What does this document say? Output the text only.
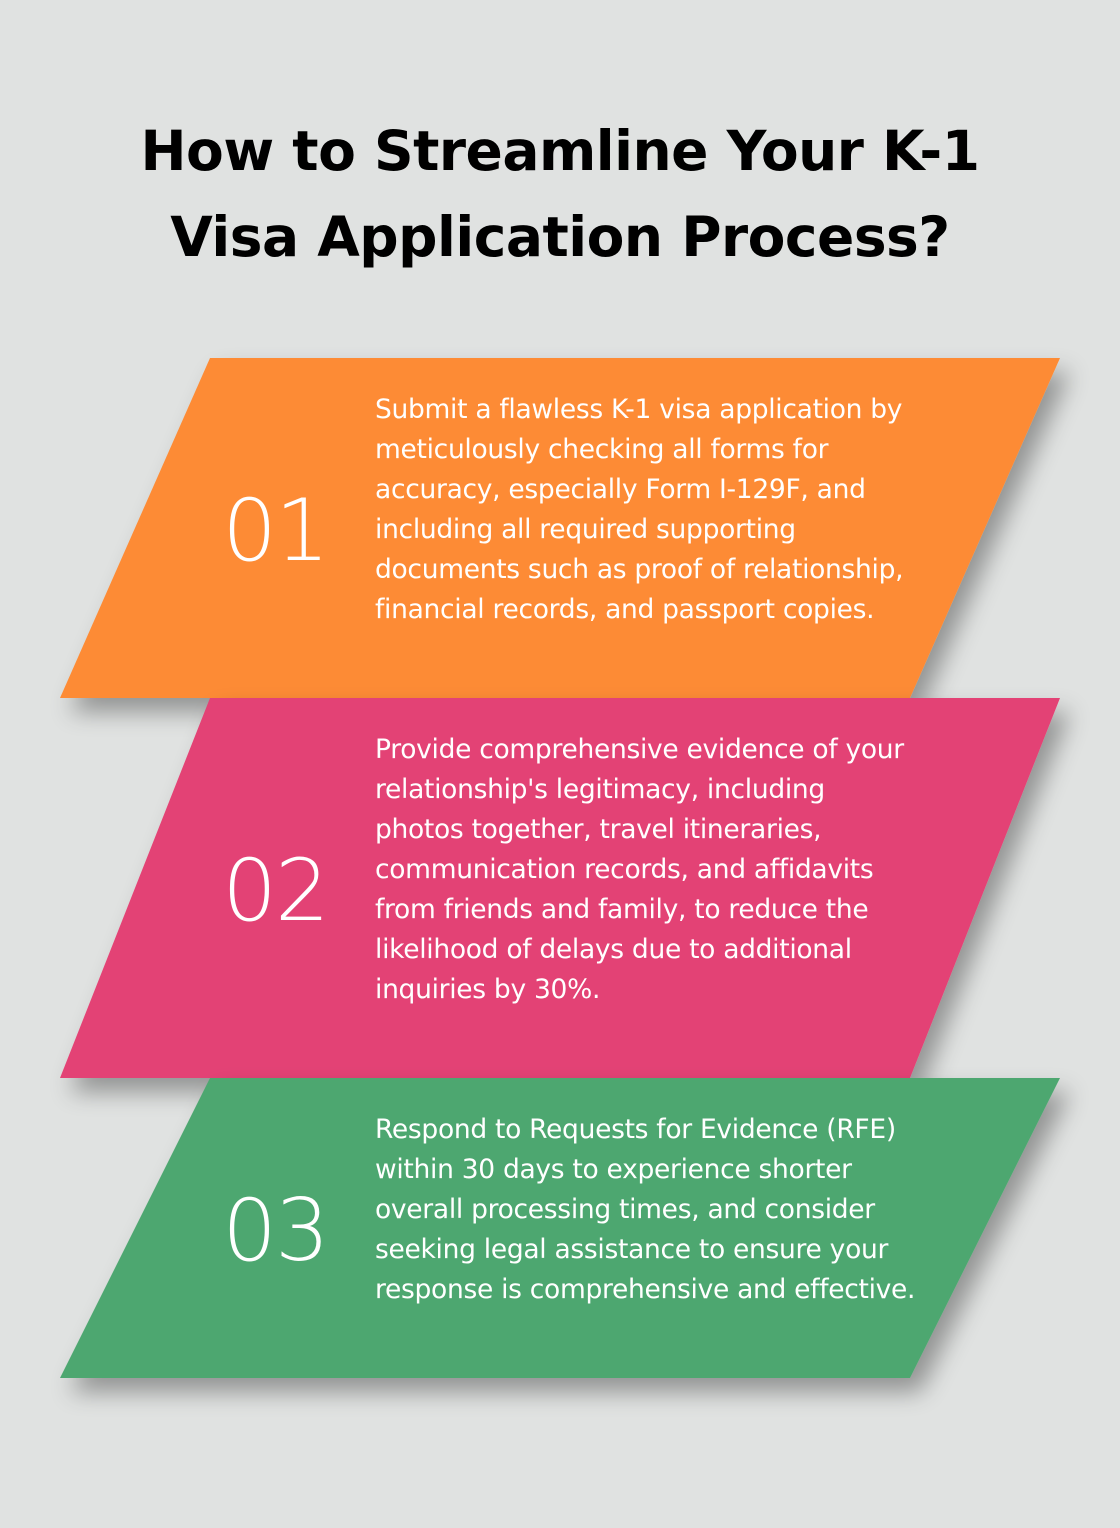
How to Streamline Your K-1
Visa Application Process?
01
Submit a flawless K-1 visa application by meticulously checking all forms for accuracy, especially Form I-129F, and including all required supporting documents such as proof of relationship, financial records, and passport copies.
02
Provide comprehensive evidence of your relationship's legitimacy, including photos together, travel itineraries, communication records, and affidavits from friends and family, to reduce the likelihood of delays due to additional inquiries by 30%.
03
Respond to Requests for Evidence (RFE) within 30 days to experience shorter overall processing times, and consider seeking legal assistance to ensure your response is comprehensive and effective.
